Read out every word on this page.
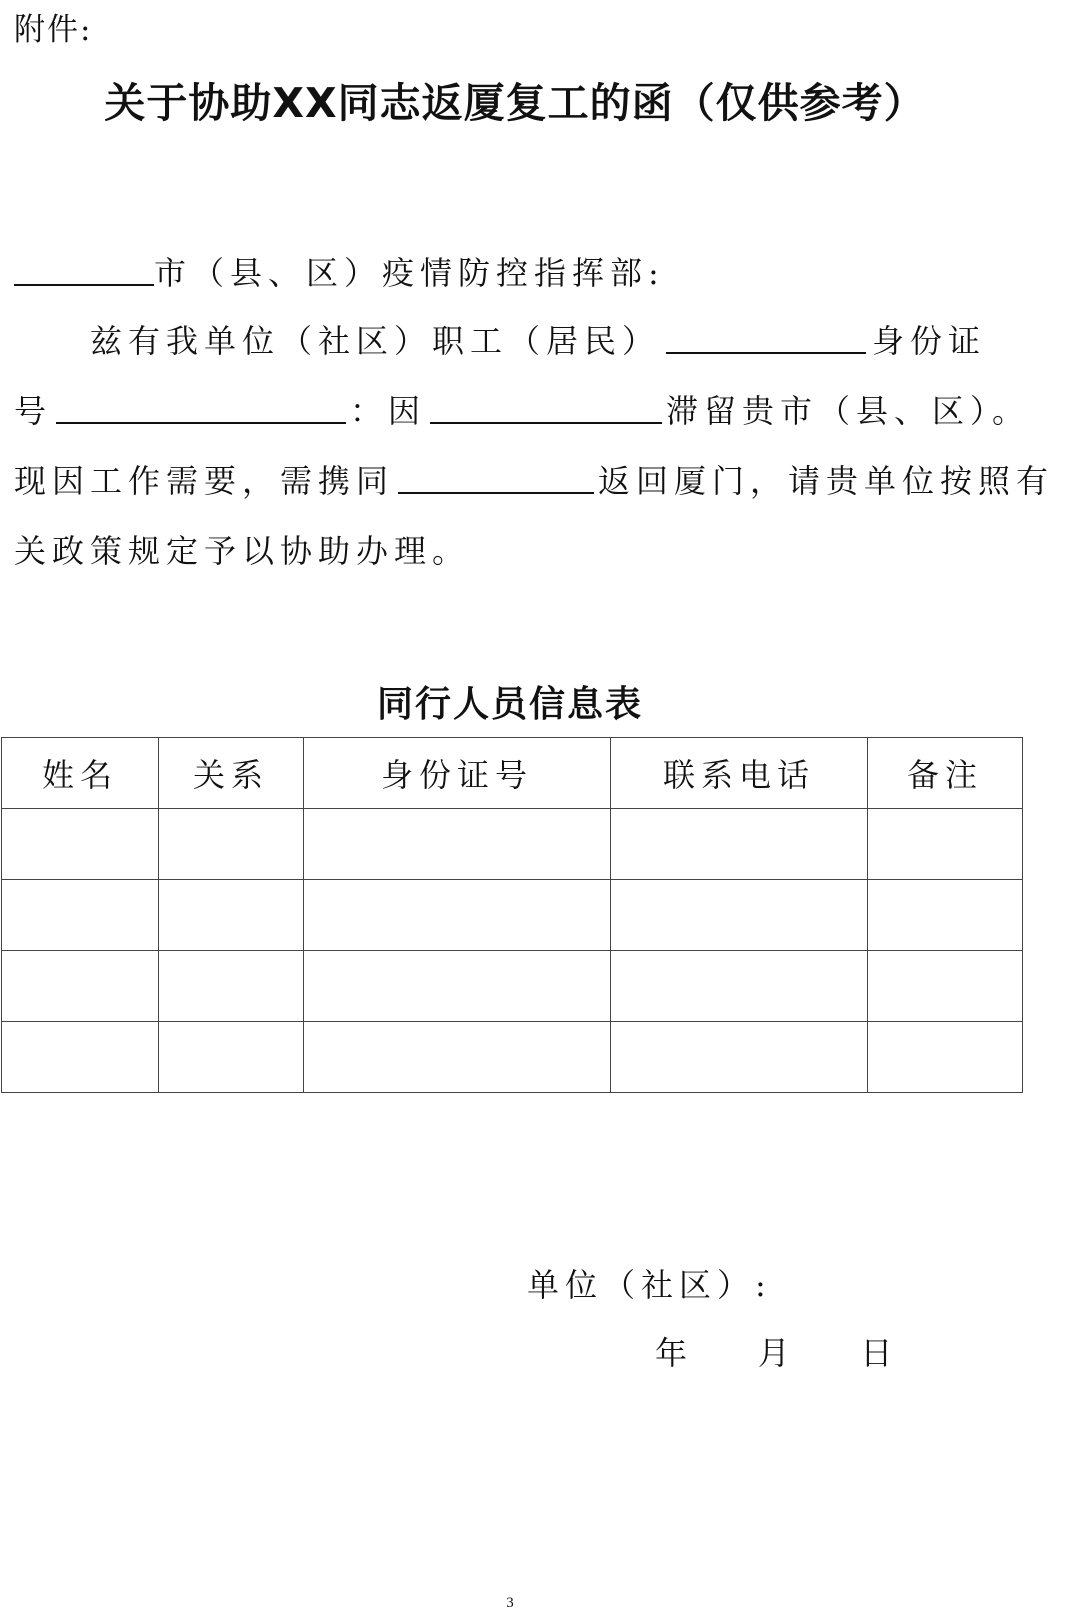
附件:
关于协助XX同志返厦复工的函（仅供参考）
市（县、区）疫情防控指挥部:
兹有我单位（社区）职工（居民）	身份证
号	：因	滞留贵市（县、区）。
现因工作需要，需携同	返回厦门，请贵单位按照有
关政策规定予以协助办理。
同行人员信息表
姓名	关系	身份证号	联系电话	备注

单位（社区）:
年    月    日
3
